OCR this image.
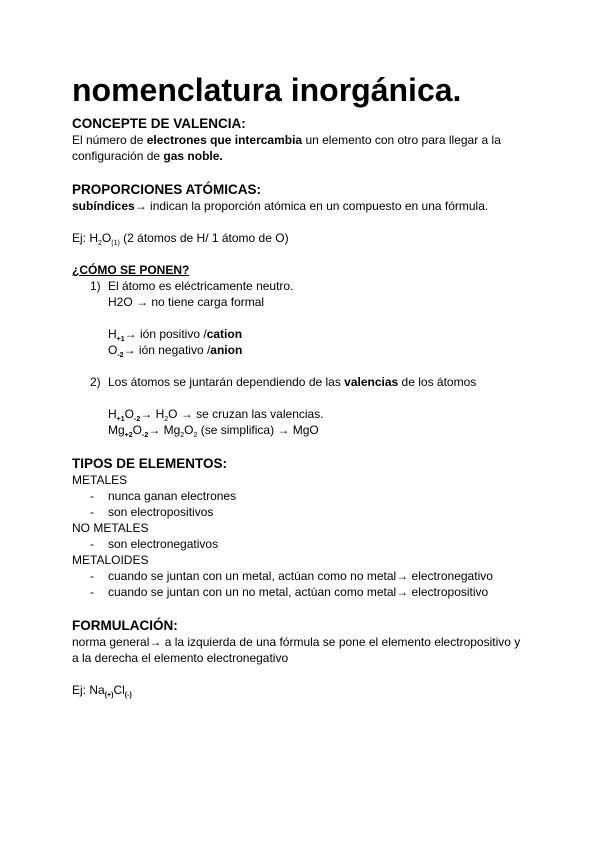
nomenclatura inorgánica.

CONCEPTE DE VALENCIA:

El número de electrones que intercambia un elemento con otro para llegar a la

configuración de gas noble.

PROPORCIONES ATÓMICAS:

subíndices→ indican la proporción atómica en un compuesto en una fórmula.

Ej: $H_2O_{(1)}$ (2 átomos de H/ 1 átomo de O)

¿CÓMO SE PONEN?

1) El átomo es eléctricamente neutro.

H2O → no tiene carga formal

$H_{+1}\to$ ión positivo /cation

$O_{-2}\to$ ión negativo /anion

2) Los átomos se juntarán dependiendo de las valencias de los átomos

$H_{+1}O_{-2}\to H_2O$ → se cruzan las valencias.

$Mg_{+2}O_{-2}\to Mg_2O_2$ (se simplifica) → MgO

TIPOS DE ELEMENTOS:

METALES

- nunca ganan electrones

- son electropositivos

NO METALES

- son electronegativos

METALOIDES

- cuando se juntan con un metal, actúan como no metal→ electronegativo

- cuando se juntan con un no metal, actúan como metal→ electropositivo

FORMULACIÓN:

norma general→ a la izquierda de una fórmula se pone el elemento electropositivo y

a la derecha el elemento electronegativo

Ej: $Na_{(+)}Cl_{(-)}$
